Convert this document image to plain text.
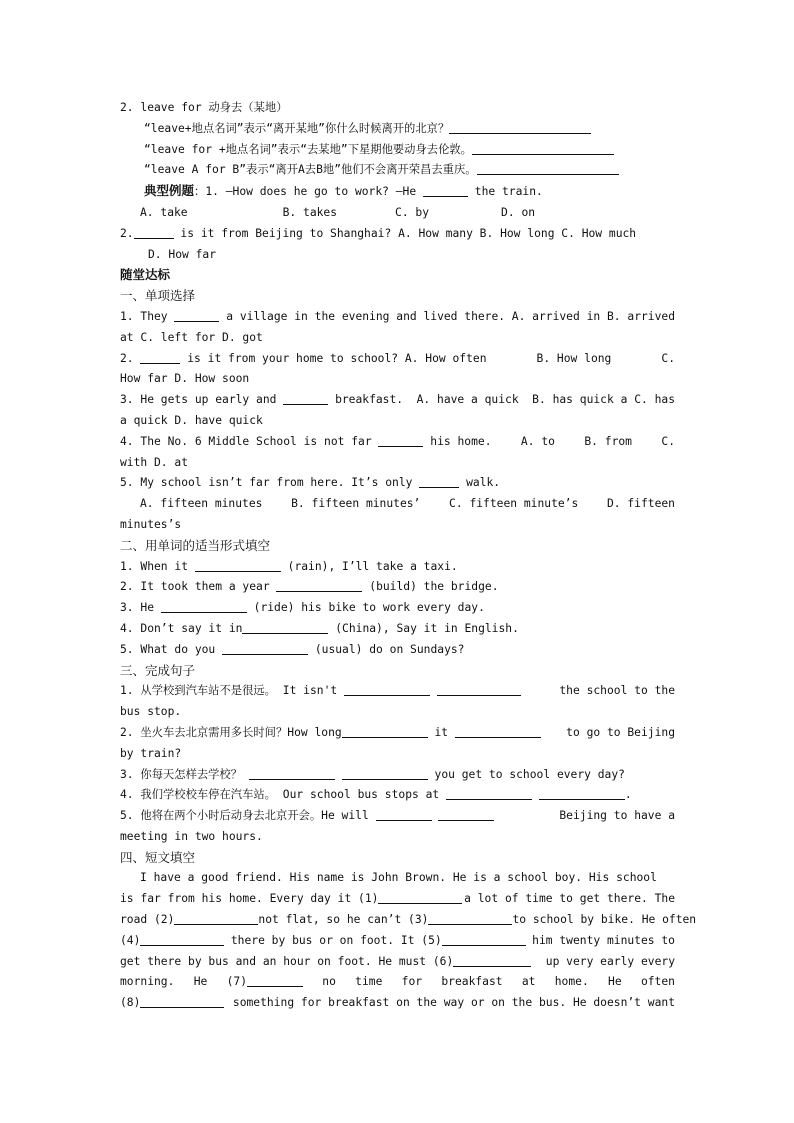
2. leave for 动身去（某地）
“leave+地点名词”表示“离开某地”你什么时候离开的北京？
“leave for +地点名词”表示“去某地”下星期他要动身去伦敦。
“leave A for B”表示“离开A去B地”他们不会离开荣昌去重庆。
典型例题：1. —How does he go to work? —He	the train.
A. take	B. takes	C. by	D. on
2.	is it from Beijing to Shanghai? A. How many B. How long C. How much
D. How far
随堂达标
一、单项选择
1. They	a village in the evening and lived there. A. arrived in B. arrived
at C. left for D. got
2.	is it from your home to school? A. How often	B. How long	C.
How far D. How soon
3. He gets up early and	breakfast. A. have a quick B. has quick a C. has
a quick D. have quick
4. The No. 6 Middle School is not far	his home.	A. to	B. from	C.
with D. at
5. My school isn’t far from here. It’s only	walk.
A. fifteen minutes	B. fifteen minutes’	C. fifteen minute’s	D. fifteen
minutes’s
二、用单词的适当形式填空
1. When it	(rain), I’ll take a taxi.
2. It took them a year	(build) the bridge.
3. He	(ride) his bike to work every day.
4. Don’t say it in	(China), Say it in English.
5. What do you	(usual) do on Sundays?
三、完成句子
1. 从学校到汽车站不是很远。 It isn't	the school to the
bus stop.
2. 坐火车去北京需用多长时间？How long	it	to go to Beijing
by train?
3. 你每天怎样去学校？	you get to school every day?
4. 我们学校校车停在汽车站。 Our school bus stops at	.
5. 他将在两个小时后动身去北京开会。He will	Beijing to have a
meeting in two hours.
四、短文填空
I have a good friend. His name is John Brown. He is a school boy. His school
is far from his home. Every day it (1)	a lot of time to get there. The
road (2)	not flat, so he can’t (3)	to school by bike. He often
(4)	there by bus or on foot. It (5)	him twenty minutes to
get there by bus and an hour on foot. He must (6)	up very early every
morning. He (7)	no time for breakfast at home. He often
(8)	something for breakfast on the way or on the bus. He doesn’t want
